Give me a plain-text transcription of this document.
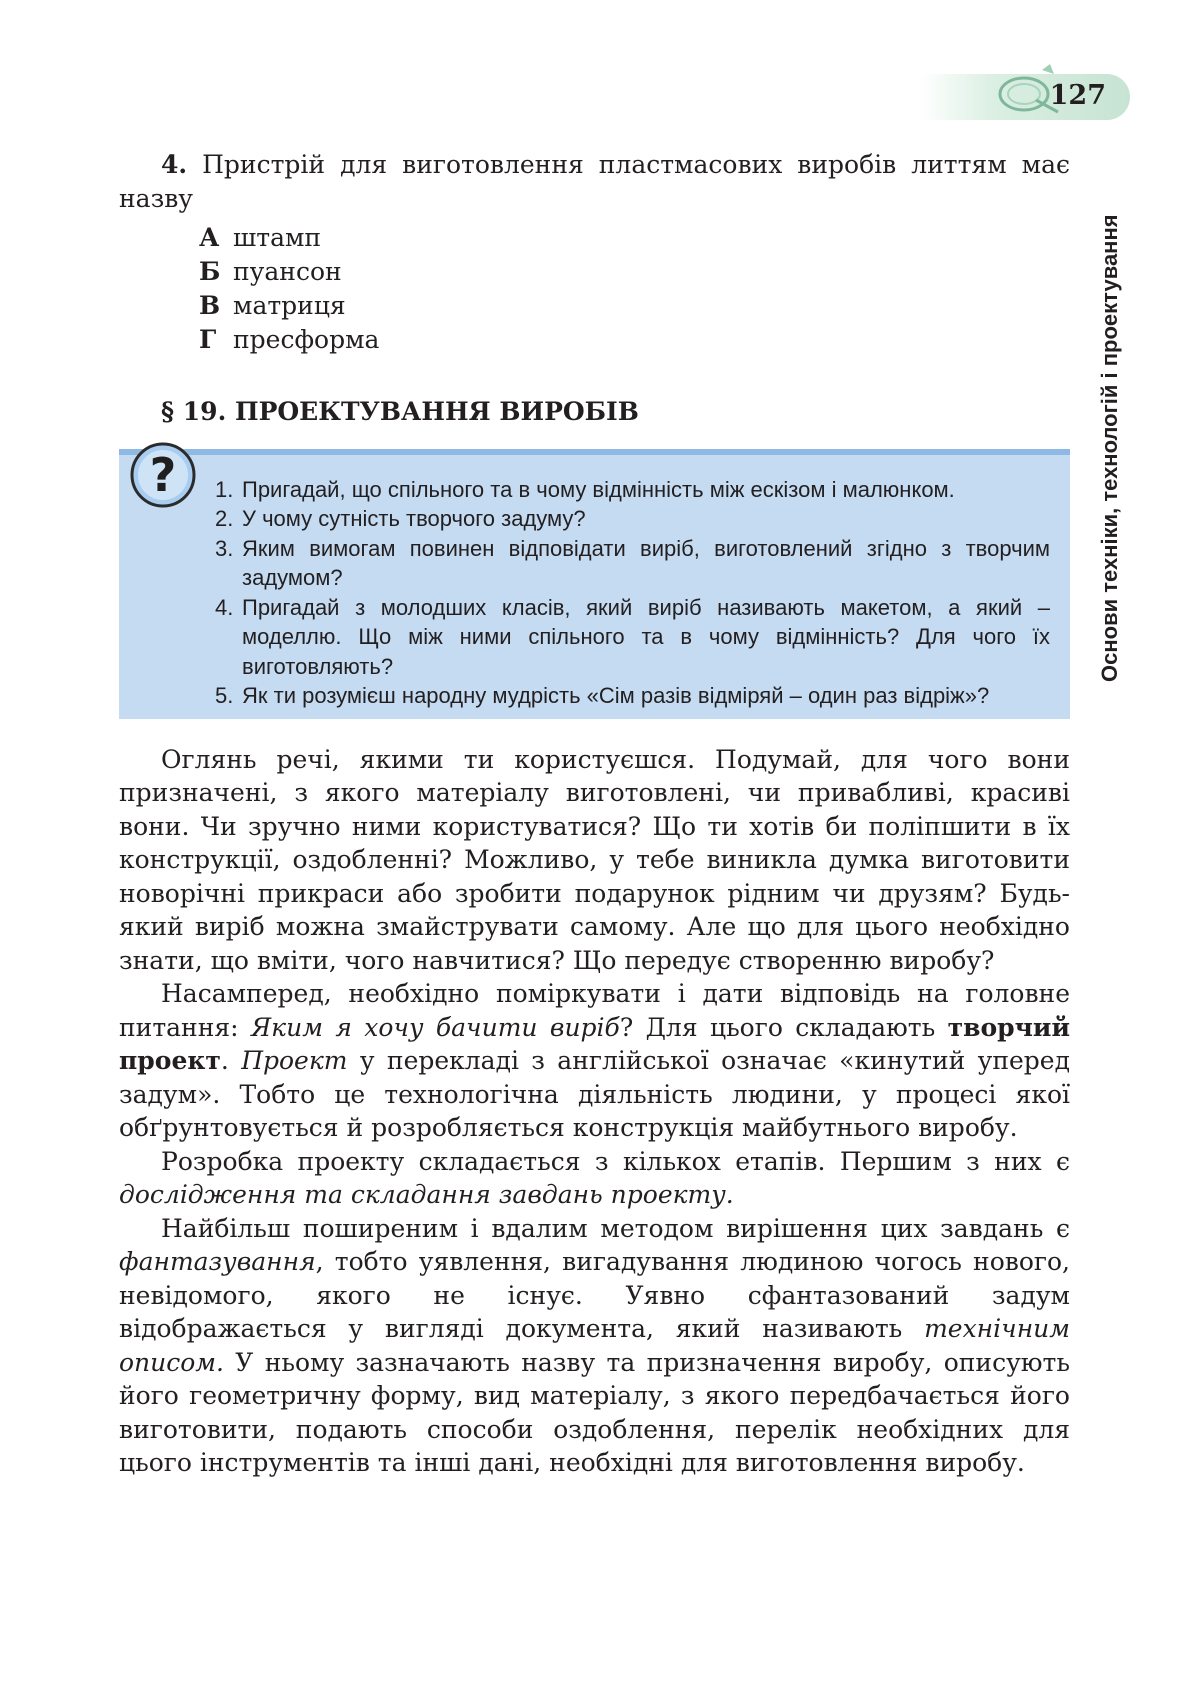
127
Основи техніки, технологій і проектування

4. Пристрій для виготовлення пластмасових виробів литтям має назву

А штамп
Б пуансон
В матриця
Г пресформа
§ 19. ПРОЕКТУВАННЯ ВИРОБІВ
? 1. Пригадай, що спільного та в чому відмінність між ескізом і малюнком.
2. У чому сутність творчого задуму?
3. Яким вимогам повинен відповідати виріб, виготовлений згідно з творчим задумом?
4. Пригадай з молодших класів, який виріб називають макетом, а який – моделлю. Що між ними спільного та в чому відмінність? Для чого їх виготовляють?
5. Як ти розумієш народну мудрість «Сім разів відміряй – один раз відріж»?

Оглянь речі, якими ти користуєшся. Подумай, для чого вони призначені, з якого матеріалу виготовлені, чи привабливі, красиві вони. Чи зручно ними користуватися? Що ти хотів би поліпшити в їх конструкції, оздобленні? Можливо, у тебе виникла думка виготовити новорічні прикраси або зробити подарунок рідним чи друзям? Будь-який виріб можна змайструвати самому. Але що для цього необхідно знати, що вміти, чого навчитися? Що передує створенню виробу?

Насамперед, необхідно поміркувати і дати відповідь на головне питання: Яким я хочу бачити виріб? Для цього складають творчий проект. Проект у перекладі з англійської означає «кинутий уперед задум». Тобто це технологічна діяльність людини, у процесі якої обґрунтовується й розробляється конструкція майбутнього виробу.

Розробка проекту складається з кількох етапів. Першим з них є дослідження та складання завдань проекту.

Найбільш поширеним і вдалим методом вирішення цих завдань є фантазування, тобто уявлення, вигадування людиною чогось нового, невідомого, якого не існує. Уявно сфантазований задум відображається у вигляді документа, який називають технічним описом. У ньому зазначають назву та призначення виробу, описують його геометричну форму, вид матеріалу, з якого передбачається його виготовити, подають способи оздоблення, перелік необхідних для цього інструментів та інші дані, необхідні для виготовлення виробу.
